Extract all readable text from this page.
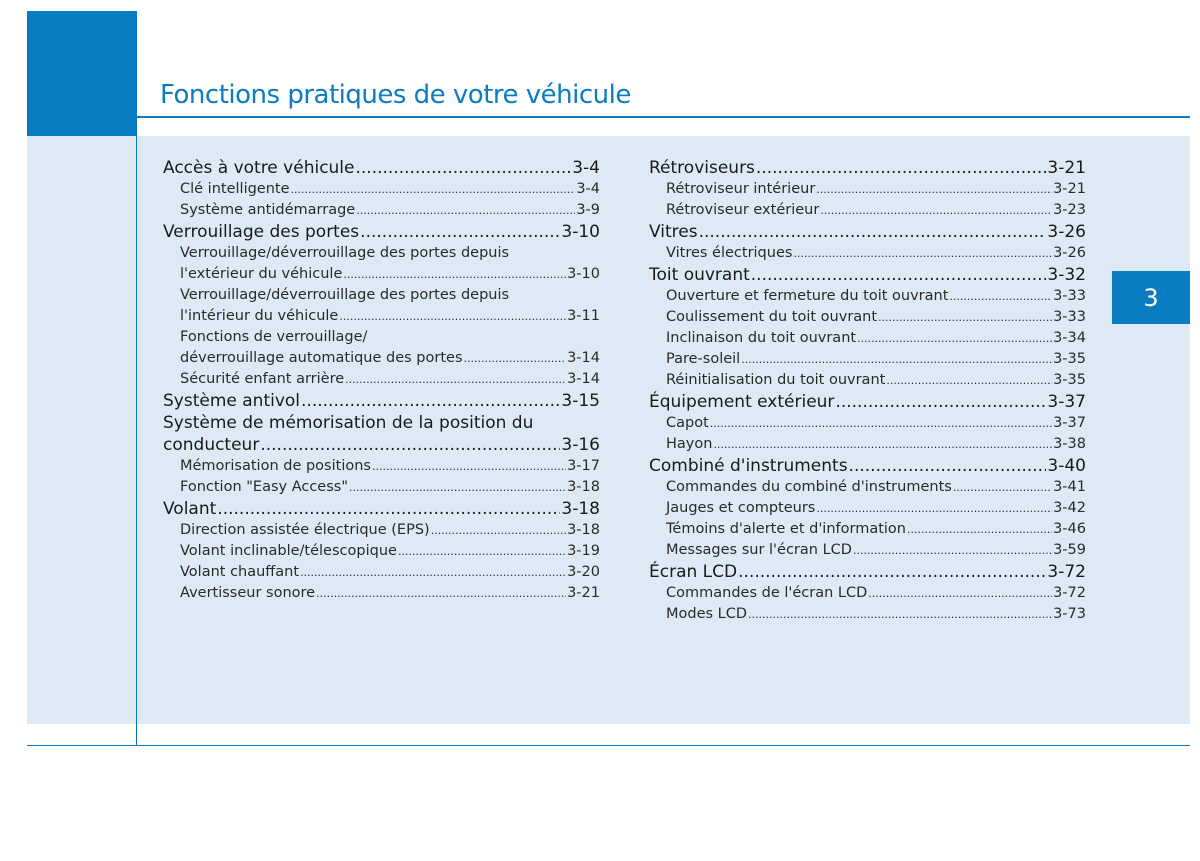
Fonctions pratiques de votre véhicule
3
Accès à votre véhicule .....	3-4
Clé intelligente .....	3-4
Système antidémarrage .....	3-9
Verrouillage des portes .....	3-10
Verrouillage/déverrouillage des portes depuis
l'extérieur du véhicule .....	3-10
Verrouillage/déverrouillage des portes depuis
l'intérieur du véhicule .....	3-11
Fonctions de verrouillage/
déverrouillage automatique des portes .....	3-14
Sécurité enfant arrière .....	3-14
Système antivol .....	3-15
Système de mémorisation de la position du
conducteur .....	3-16
Mémorisation de positions .....	3-17
Fonction "Easy Access" .....	3-18
Volant .....	3-18
Direction assistée électrique (EPS) .....	3-18
Volant inclinable/télescopique .....	3-19
Volant chauffant .....	3-20
Avertisseur sonore .....	3-21
Rétroviseurs .....	3-21
Rétroviseur intérieur .....	3-21
Rétroviseur extérieur .....	3-23
Vitres .....	3-26
Vitres électriques .....	3-26
Toit ouvrant .....	3-32
Ouverture et fermeture du toit ouvrant .....	3-33
Coulissement du toit ouvrant .....	3-33
Inclinaison du toit ouvrant .....	3-34
Pare-soleil .....	3-35
Réinitialisation du toit ouvrant .....	3-35
Équipement extérieur .....	3-37
Capot .....	3-37
Hayon .....	3-38
Combiné d'instruments .....	3-40
Commandes du combiné d'instruments .....	3-41
Jauges et compteurs .....	3-42
Témoins d'alerte et d'information .....	3-46
Messages sur l'écran LCD .....	3-59
Écran LCD .....	3-72
Commandes de l'écran LCD .....	3-72
Modes LCD .....	3-73
